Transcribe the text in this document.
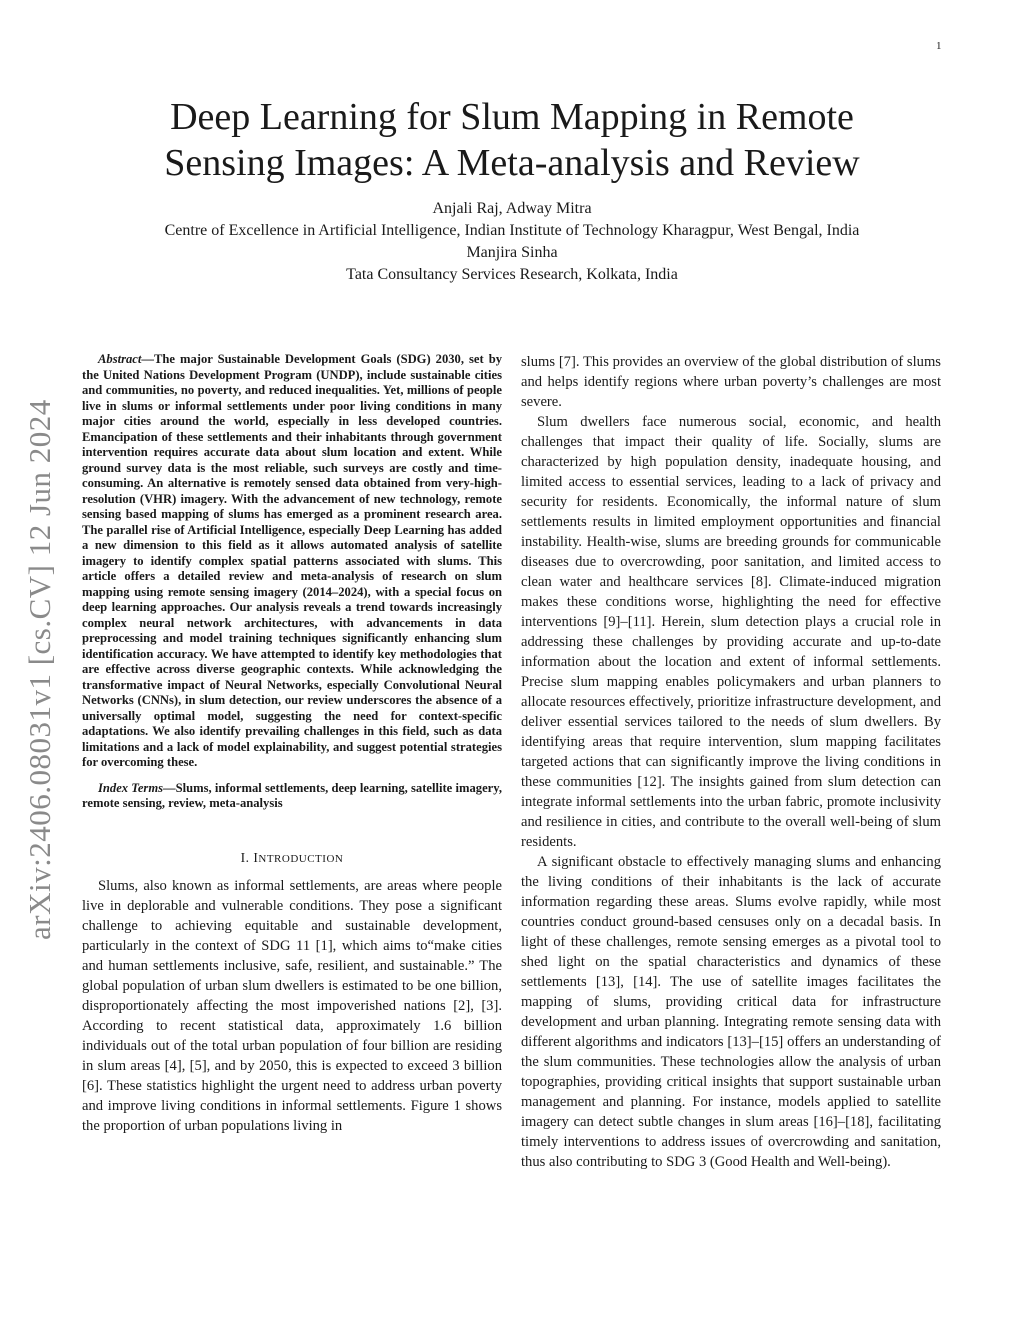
1
arXiv:2406.08031v1 [cs.CV] 12 Jun 2024
Deep Learning for Slum Mapping in Remote
Sensing Images: A Meta-analysis and Review
Anjali Raj, Adway Mitra
Centre of Excellence in Artificial Intelligence, Indian Institute of Technology Kharagpur, West Bengal, India
Manjira Sinha
Tata Consultancy Services Research, Kolkata, India

Abstract—The major Sustainable Development Goals (SDG) 2030, set by the United Nations Development Program (UNDP), include sustainable cities and communities, no poverty, and reduced inequalities. Yet, millions of people live in slums or informal settlements under poor living conditions in many major cities around the world, especially in less developed countries. Emancipation of these settlements and their inhabitants through government intervention requires accurate data about slum location and extent. While ground survey data is the most reliable, such surveys are costly and time-consuming. An alternative is remotely sensed data obtained from very-high-resolution (VHR) imagery. With the advancement of new technology, remote sensing based mapping of slums has emerged as a prominent research area. The parallel rise of Artificial Intelligence, especially Deep Learning has added a new dimension to this field as it allows automated analysis of satellite imagery to identify complex spatial patterns associated with slums. This article offers a detailed review and meta-analysis of research on slum mapping using remote sensing imagery (2014–2024), with a special focus on deep learning approaches. Our analysis reveals a trend towards increasingly complex neural network architectures, with advancements in data preprocessing and model training techniques significantly enhancing slum identification accuracy. We have attempted to identify key methodologies that are effective across diverse geographic contexts. While acknowledging the transformative impact of Neural Networks, especially Convolutional Neural Networks (CNNs), in slum detection, our review underscores the absence of a universally optimal model, suggesting the need for context-specific adaptations. We also identify prevailing challenges in this field, such as data limitations and a lack of model explainability, and suggest potential strategies for overcoming these.

Index Terms—Slums, informal settlements, deep learning, satellite imagery, remote sensing, review, meta-analysis

I. INTRODUCTION

Slums, also known as informal settlements, are areas where people live in deplorable and vulnerable conditions. They pose a significant challenge to achieving equitable and sustainable development, particularly in the context of SDG 11 [1], which aims to“make cities and human settlements inclusive, safe, resilient, and sustainable.” The global population of urban slum dwellers is estimated to be one billion, disproportionately affecting the most impoverished nations [2], [3]. According to recent statistical data, approximately 1.6 billion individuals out of the total urban population of four billion are residing in slum areas [4], [5], and by 2050, this is expected to exceed 3 billion [6]. These statistics highlight the urgent need to address urban poverty and improve living conditions in informal settlements. Figure 1 shows the proportion of urban populations living in

slums [7]. This provides an overview of the global distribution of slums and helps identify regions where urban poverty’s challenges are most severe.

Slum dwellers face numerous social, economic, and health challenges that impact their quality of life. Socially, slums are characterized by high population density, inadequate housing, and limited access to essential services, leading to a lack of privacy and security for residents. Economically, the informal nature of slum settlements results in limited employment opportunities and financial instability. Health-wise, slums are breeding grounds for communicable diseases due to overcrowding, poor sanitation, and limited access to clean water and healthcare services [8]. Climate-induced migration makes these conditions worse, highlighting the need for effective interventions [9]–[11]. Herein, slum detection plays a crucial role in addressing these challenges by providing accurate and up-to-date information about the location and extent of informal settlements. Precise slum mapping enables policymakers and urban planners to allocate resources effectively, prioritize infrastructure development, and deliver essential services tailored to the needs of slum dwellers. By identifying areas that require intervention, slum mapping facilitates targeted actions that can significantly improve the living conditions in these communities [12]. The insights gained from slum detection can integrate informal settlements into the urban fabric, promote inclusivity and resilience in cities, and contribute to the overall well-being of slum residents.

A significant obstacle to effectively managing slums and enhancing the living conditions of their inhabitants is the lack of accurate information regarding these areas. Slums evolve rapidly, while most countries conduct ground-based censuses only on a decadal basis. In light of these challenges, remote sensing emerges as a pivotal tool to shed light on the spatial characteristics and dynamics of these settlements [13], [14]. The use of satellite images facilitates the mapping of slums, providing critical data for infrastructure development and urban planning. Integrating remote sensing data with different algorithms and indicators [13]–[15] offers an understanding of the slum communities. These technologies allow the analysis of urban topographies, providing critical insights that support sustainable urban management and planning. For instance, models applied to satellite imagery can detect subtle changes in slum areas [16]–[18], facilitating timely interventions to address issues of overcrowding and sanitation, thus also contributing to SDG 3 (Good Health and Well-being).
